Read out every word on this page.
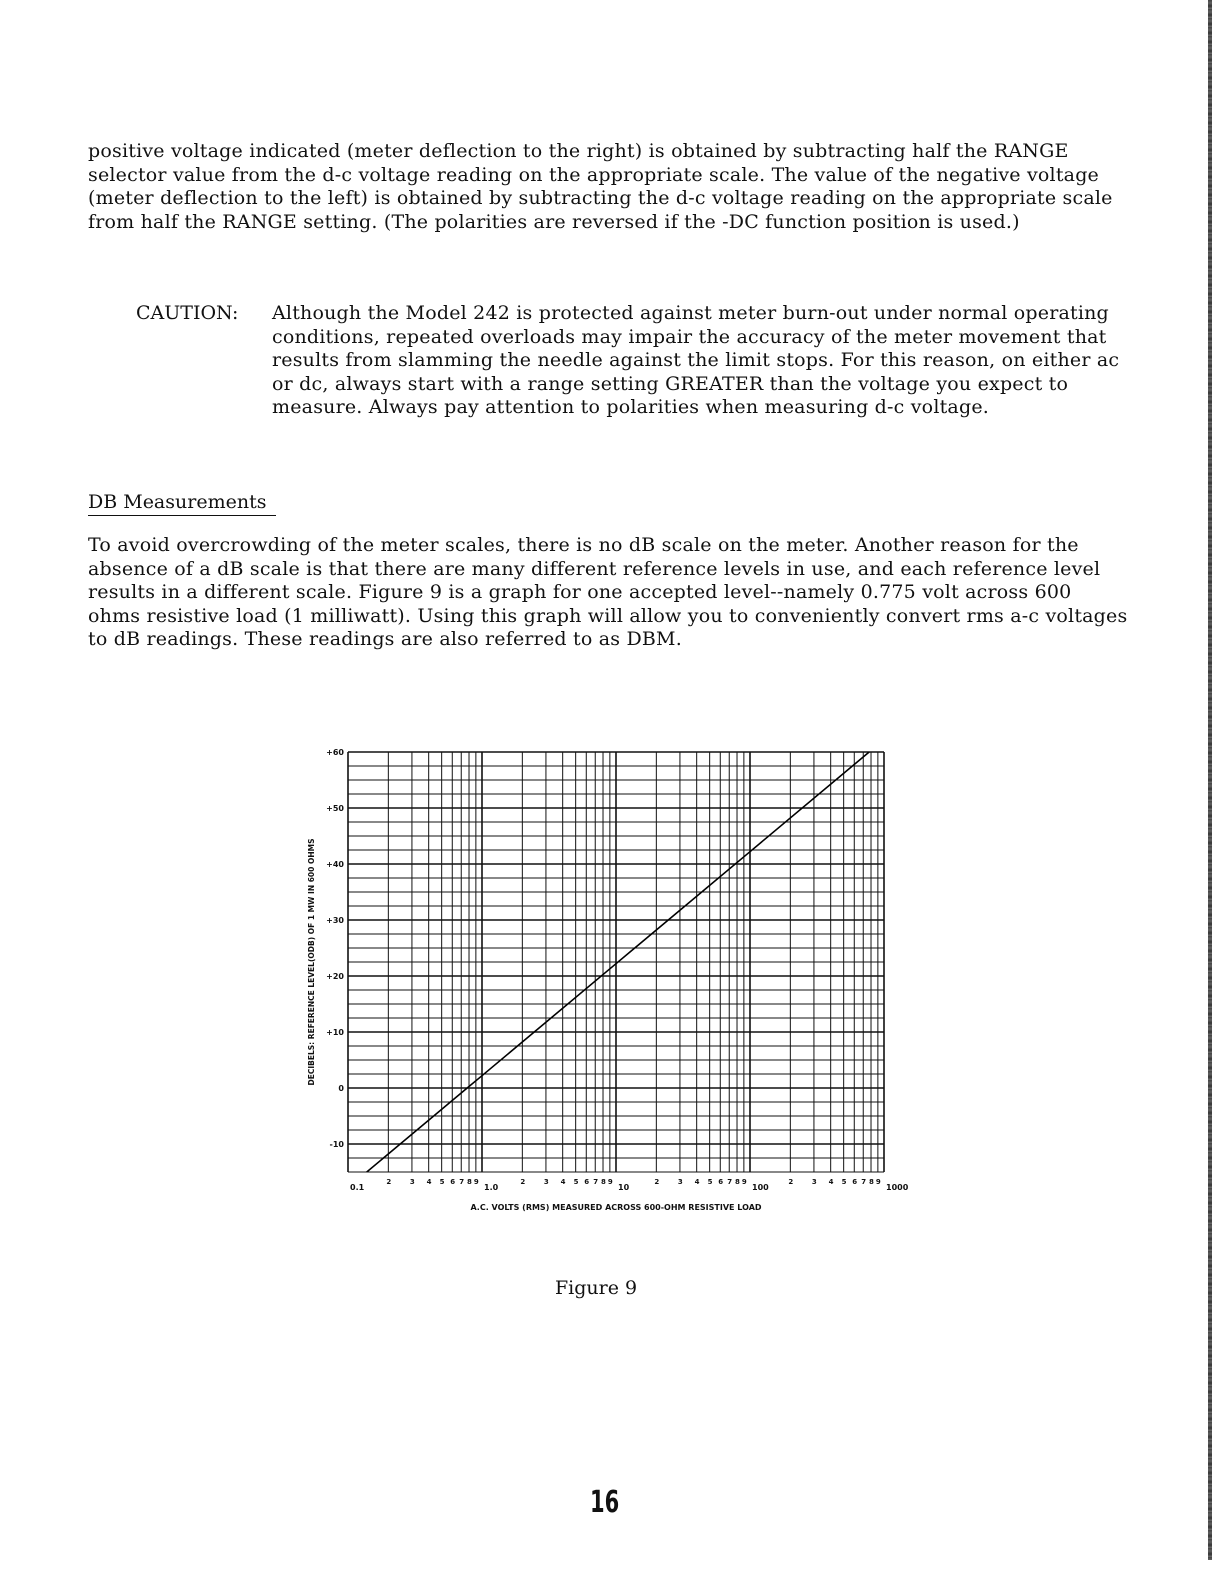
positive voltage indicated (meter deflection to the right) is obtained by subtracting half the RANGE selector value from the d-c voltage reading on the appropriate scale. The value of the negative voltage (meter deflection to the left) is obtained by subtracting the d-c voltage reading on the appropriate scale from half the RANGE setting. (The polarities are reversed if the -DC function position is used.)
CAUTION: Although the Model 242 is protected against meter burn-out under normal operating conditions, repeated overloads may impair the accuracy of the meter movement that results from slamming the needle against the limit stops. For this reason, on either ac or dc, always start with a range setting GREATER than the voltage you expect to measure. Always pay attention to polarities when measuring d-c voltage.
DB Measurements
To avoid overcrowding of the meter scales, there is no dB scale on the meter. Another reason for the absence of a dB scale is that there are many different reference levels in use, and each reference level results in a different scale. Figure 9 is a graph for one accepted level--namely 0.775 volt across 600 ohms resistive load (1 milliwatt). Using this graph will allow you to conveniently convert rms a-c voltages to dB readings. These readings are also referred to as DBM.
2	3 4 5 6 7 8 9	2	3 4 5 6 7 8 9	2	3 4 5 6 7 8 9	2	3 4 5 6 7 8 9
+60
+50
+40
+30
+20
+10
0
-10
0.1	1.0	10	100	1000
A.C. VOLTS (RMS) MEASURED ACROSS 600-OHM RESISTIVE LOAD
DECIBELS: REFERENCE LEVEL(ODB) OF 1 MW IN 600 OHMS
Figure 9
16
